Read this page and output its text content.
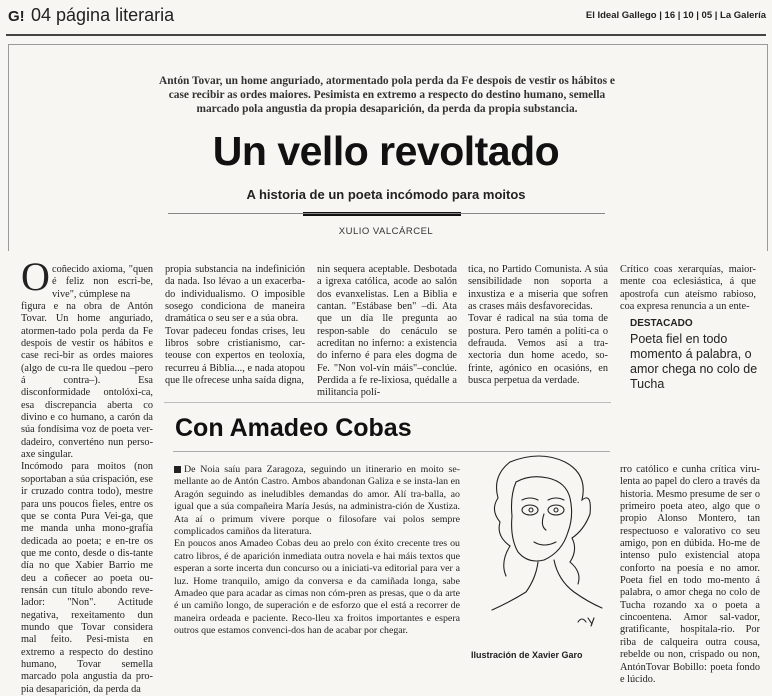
G! 04 página literaria	El Ideal Gallego | 16 | 10 | 05 | La Galería
Antón Tovar, un home anguriado, atormentado pola perda da Fe despois de vestir os hábitos e case recibir as ordes maiores. Pesimista en extremo a respecto do destino humano, semella marcado pola angustia da propia desaparición, da perda da propia substancia.
Un vello revoltado
A historia de un poeta incómodo para moitos
XULIO VALCÁRCEL
O coñecido axioma, "quen é feliz non escri-be, vive", cúmplese na
figura e na obra de Antón Tovar. Un home anguriado, atormen-tado pola perda da Fe despois de vestir os hábitos e case reci-bir as ordes maiores (algo de cu-ra lle quedou –pero á contra–). Esa disconformidade ontolóxi-ca, esa discrepancia aberta co divino e co humano, a carón da súa fondísima voz de poeta ver-dadeiro, converténo nun perso-axe singular.
Incómodo para moitos (non soportaban a súa crispación, ese ir cruzado contra todo), mestre para uns poucos fieles, entre os que se conta Pura Vei-ga, que me manda unha mono-grafía dedicada ao poeta; e en-tre os que me conto, desde o dis-tante día no que Xabier Barrio me deu a coñecer ao poeta ou-rensán cun título abondo reve-lador: "Non". Actitude negativa, rexeitamento dun mundo que Tovar considera mal feito. Pesi-mista en extremo a respecto do destino humano, Tovar semella marcado pola angustia da pro-pia desaparición, da perda da
propia substancia na indefinición da nada. Iso lévao a un exacerba-do individualismo. O imposible sosego condiciona de maneira dramática o seu ser e a súa obra.
Tovar padeceu fondas crises, leu libros sobre cristianismo, car-teouse con expertos en teoloxía, recurreu á Biblia..., e nada atopou que lle ofrecese unha saída digna,
nin sequera aceptable. Desbotada a igrexa católica, acode ao salón dos evanxelistas. Len a Biblia e cantan. "Estábase ben" –di. Ata que un día lle pregunta ao respon-sable do cenáculo se acreditan no inferno: a existencia do inferno é para eles dogma de Fe. "Non vol-vín máis"–conclúe. Perdida a fe re-lixiosa, quédalle a militancia polí-
tica, no Partido Comunista. A súa sensibilidade non soporta a inxustiza e a miseria que sofren as crases máis desfavorecidas.
Tovar é radical na súa toma de postura. Pero tamén a políti-ca o defrauda. Vemos así a tra-xectoria dun home acedo, so-frinte, agónico en ocasións, en busca perpetua da verdade.
Crítico coas xerarquías, maior-mente coa eclesiástica, á que apostrofa cun ateísmo rabioso, coa expresa renuncia a un ente-
DESTACADO
Poeta fiel en todo momento á palabra, o amor chega no colo de Tucha
Con Amadeo Cobas
De Noia saíu para Zaragoza, seguindo un itinerario en moito se-mellante ao de Antón Castro. Ambos abandonan Galiza e se insta-lan en Aragón seguindo as ineludibles demandas do amor. Alí tra-balla, ao igual que a súa compañeira María Jesús, na administra-ción de Xustiza. Ata aí o primum vivere porque o filosofare vai polos sempre complicados camiños da literatura.
En poucos anos Amadeo Cobas deu ao prelo con éxito crecente tres ou catro libros, é de aparición inmediata outra novela e hai máis textos que esperan a sorte incerta dun concurso ou a iniciati-va editorial para ver a luz. Home tranquilo, amigo da conversa e da camiñada longa, sabe Amadeo que para acadar as cimas non cóm-pren as presas, que o da arte é un camiño longo, de superación e de esforzo que el está a recorrer de maneira ordeada e paciente. Reco-lleu xa froitos importantes e espera outros que estamos convenci-dos han de acabar por chegar.
Ilustración de Xavier Garo
rro católico e cunha crítica viru-lenta ao papel do clero a través da historia. Mesmo presume de ser o primeiro poeta ateo, algo que o propio Alonso Montero, tan respectuoso e valorativo co seu amigo, pon en dúbida. Ho-me de intenso pulo existencial atopa conforto na poesía e no amor. Poeta fiel en todo mo-mento á palabra, o amor chega no colo de Tucha rozando xa o poeta a cincoentena. Amor sal-vador, gratificante, hospitala-rio. Por riba de calqueira outra cousa, rebelde ou non, crispado ou non, AntónTovar Bobillo: poeta fondo e lúcido.
